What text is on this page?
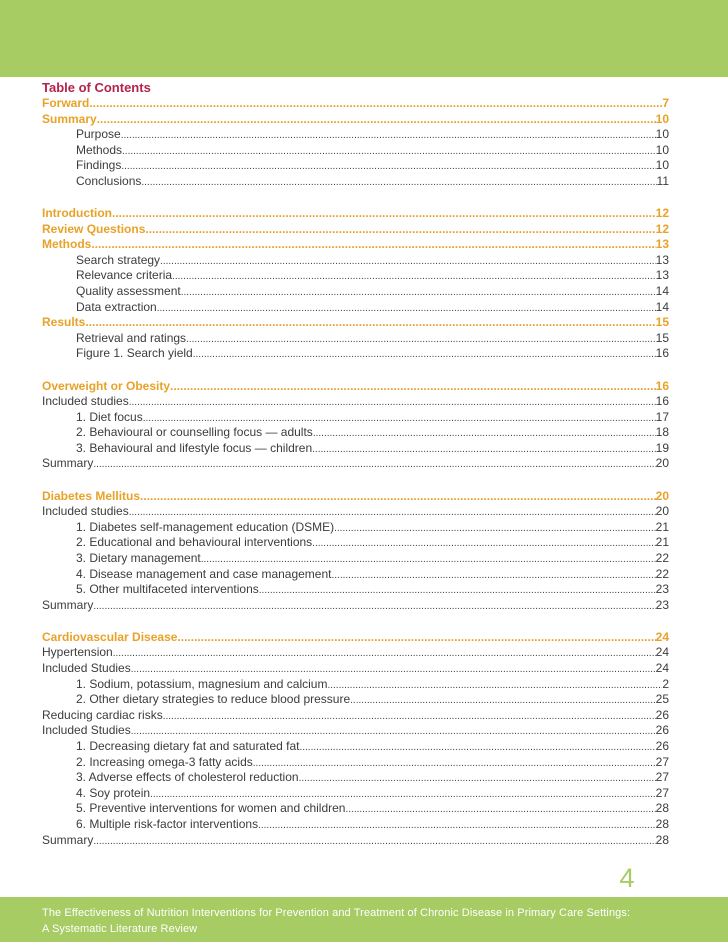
Table of Contents
Forward .....	7
Summary .....	10
Purpose .....	10
Methods .....	10
Findings .....	10
Conclusions .....	11
Introduction .....	12
Review Questions .....	12
Methods .....	13
Search strategy .....	13
Relevance criteria .....	13
Quality assessment .....	14
Data extraction .....	14
Results .....	15
Retrieval and ratings .....	15
Figure 1. Search yield .....	16
Overweight or Obesity .....	16
Included studies .....	16
1. Diet focus .....	17
2. Behavioural or counselling focus — adults .....	18
3. Behavioural and lifestyle focus — children .....	19
Summary .....	20
Diabetes Mellitus .....	20
Included studies .....	20
1. Diabetes self-management education (DSME) .....	21
2. Educational and behavioural interventions .....	21
3. Dietary management .....	22
4. Disease management and case management .....	22
5. Other multifaceted interventions .....	23
Summary .....	23
Cardiovascular Disease .....	24
Hypertension .....	24
Included Studies .....	24
1. Sodium, potassium, magnesium and calcium .....	2
2. Other dietary strategies to reduce blood pressure .....	25
Reducing cardiac risks .....	26
Included Studies .....	26
1. Decreasing dietary fat and saturated fat .....	26
2. Increasing omega-3 fatty acids .....	27
3. Adverse effects of cholesterol reduction .....	27
4. Soy protein .....	27
5. Preventive interventions for women and children .....	28
6. Multiple risk-factor interventions .....	28
Summary .....	28
4
The Effectiveness of Nutrition Interventions for Prevention and Treatment of Chronic Disease in Primary Care Settings:
A Systematic Literature Review
